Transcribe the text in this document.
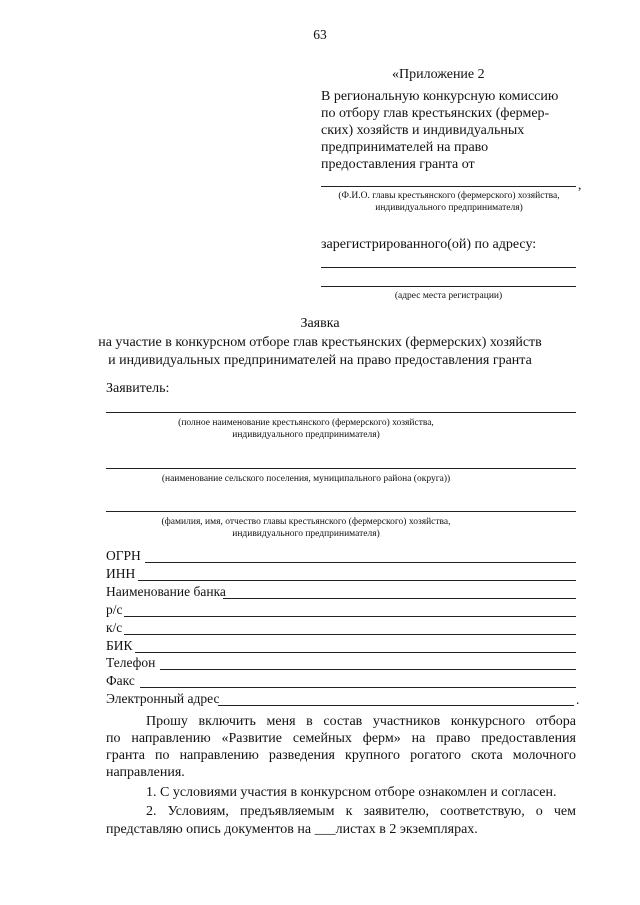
63
«Приложение 2
В региональную конкурсную комиссию
по отбору глав крестьянских (фермер-
ских) хозяйств и индивидуальных
предпринимателей на право
предоставления гранта от
,
(Ф.И.О. главы крестьянского (фермерского) хозяйства,
индивидуального предпринимателя)
зарегистрированного(ой) по адресу:
(адрес места регистрации)
Заявка
на участие в конкурсном отборе глав крестьянских (фермерских) хозяйств
и индивидуальных предпринимателей на право предоставления гранта
Заявитель:
(полное наименование крестьянского (фермерского) хозяйства,
индивидуального предпринимателя)
(наименование сельского поселения, муниципального района (округа))
(фамилия, имя, отчество главы крестьянского (фермерского) хозяйства,
индивидуального предпринимателя)
ОГРН
ИНН
Наименование банка
р/с
к/с
БИК
Телефон
Факс
Электронный адрес	.
Прошу включить меня в состав участников конкурсного отбора
по направлению «Развитие семейных ферм» на право предоставления
гранта по направлению разведения крупного рогатого скота молочного
направления.
1. С условиями участия в конкурсном отборе ознакомлен и согласен.
2. Условиям, предъявляемым к заявителю, соответствую, о чем
представляю опись документов на ___листах в 2 экземплярах.
